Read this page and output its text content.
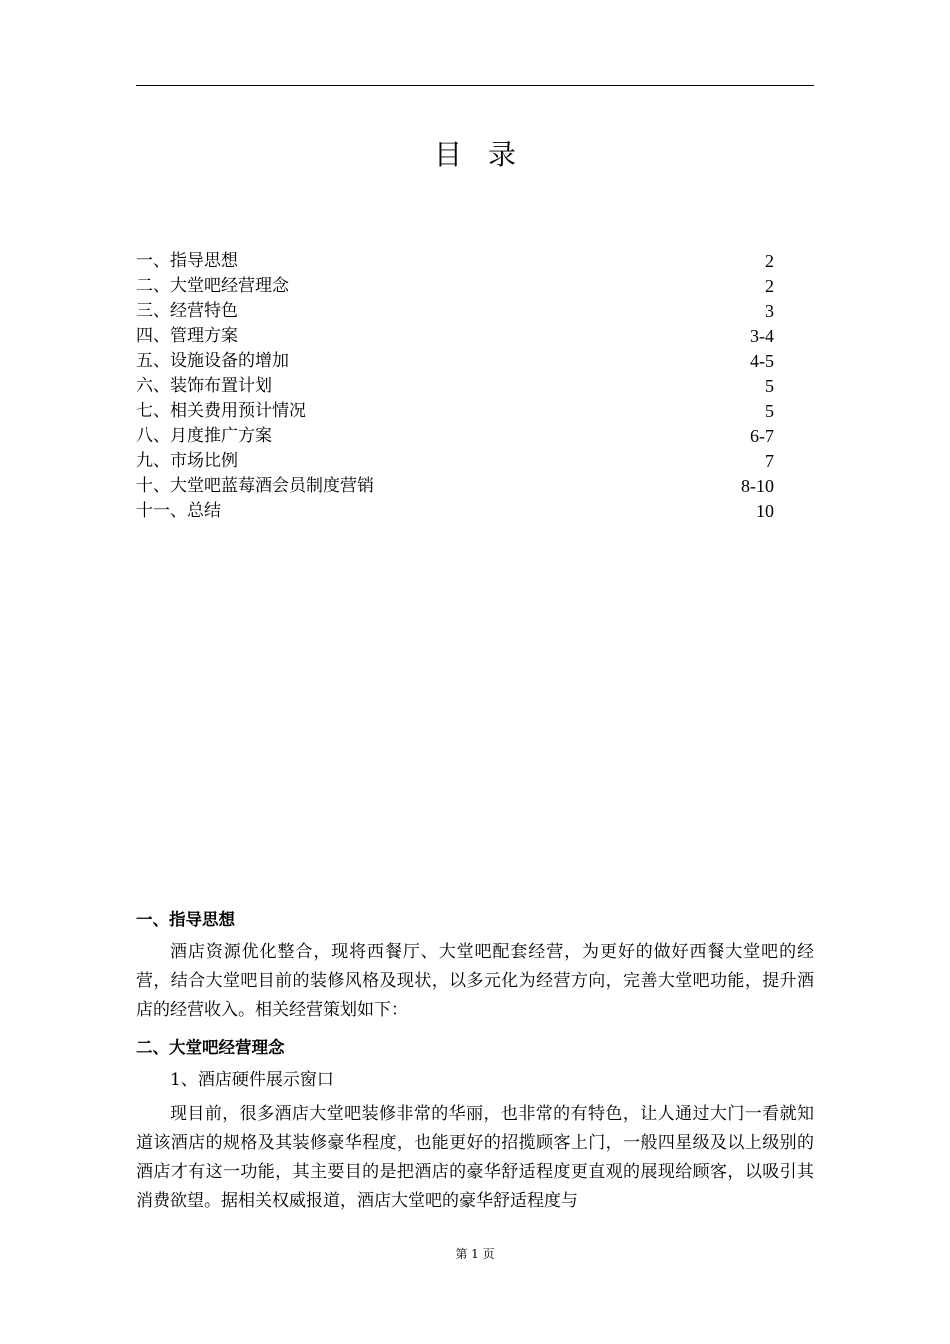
目录
一、指导思想	2
二、大堂吧经营理念	2
三、经营特色	3
四、管理方案	3-4
五、设施设备的增加	4-5
六、装饰布置计划	5
七、相关费用预计情况	5
八、月度推广方案	6-7
九、市场比例	7
十、大堂吧蓝莓酒会员制度营销	8-10
十一、总结	10

一、指导思想

酒店资源优化整合，现将西餐厅、大堂吧配套经营，为更好的做好西餐大堂吧的经营，结合大堂吧目前的装修风格及现状，以多元化为经营方向，完善大堂吧功能，提升酒店的经营收入。相关经营策划如下：

二、大堂吧经营理念

1、酒店硬件展示窗口

现目前，很多酒店大堂吧装修非常的华丽，也非常的有特色，让人通过大门一看就知道该酒店的规格及其装修豪华程度，也能更好的招揽顾客上门，一般四星级及以上级别的酒店才有这一功能，其主要目的是把酒店的豪华舒适程度更直观的展现给顾客，以吸引其消费欲望。据相关权威报道，酒店大堂吧的豪华舒适程度与

第 1 页
